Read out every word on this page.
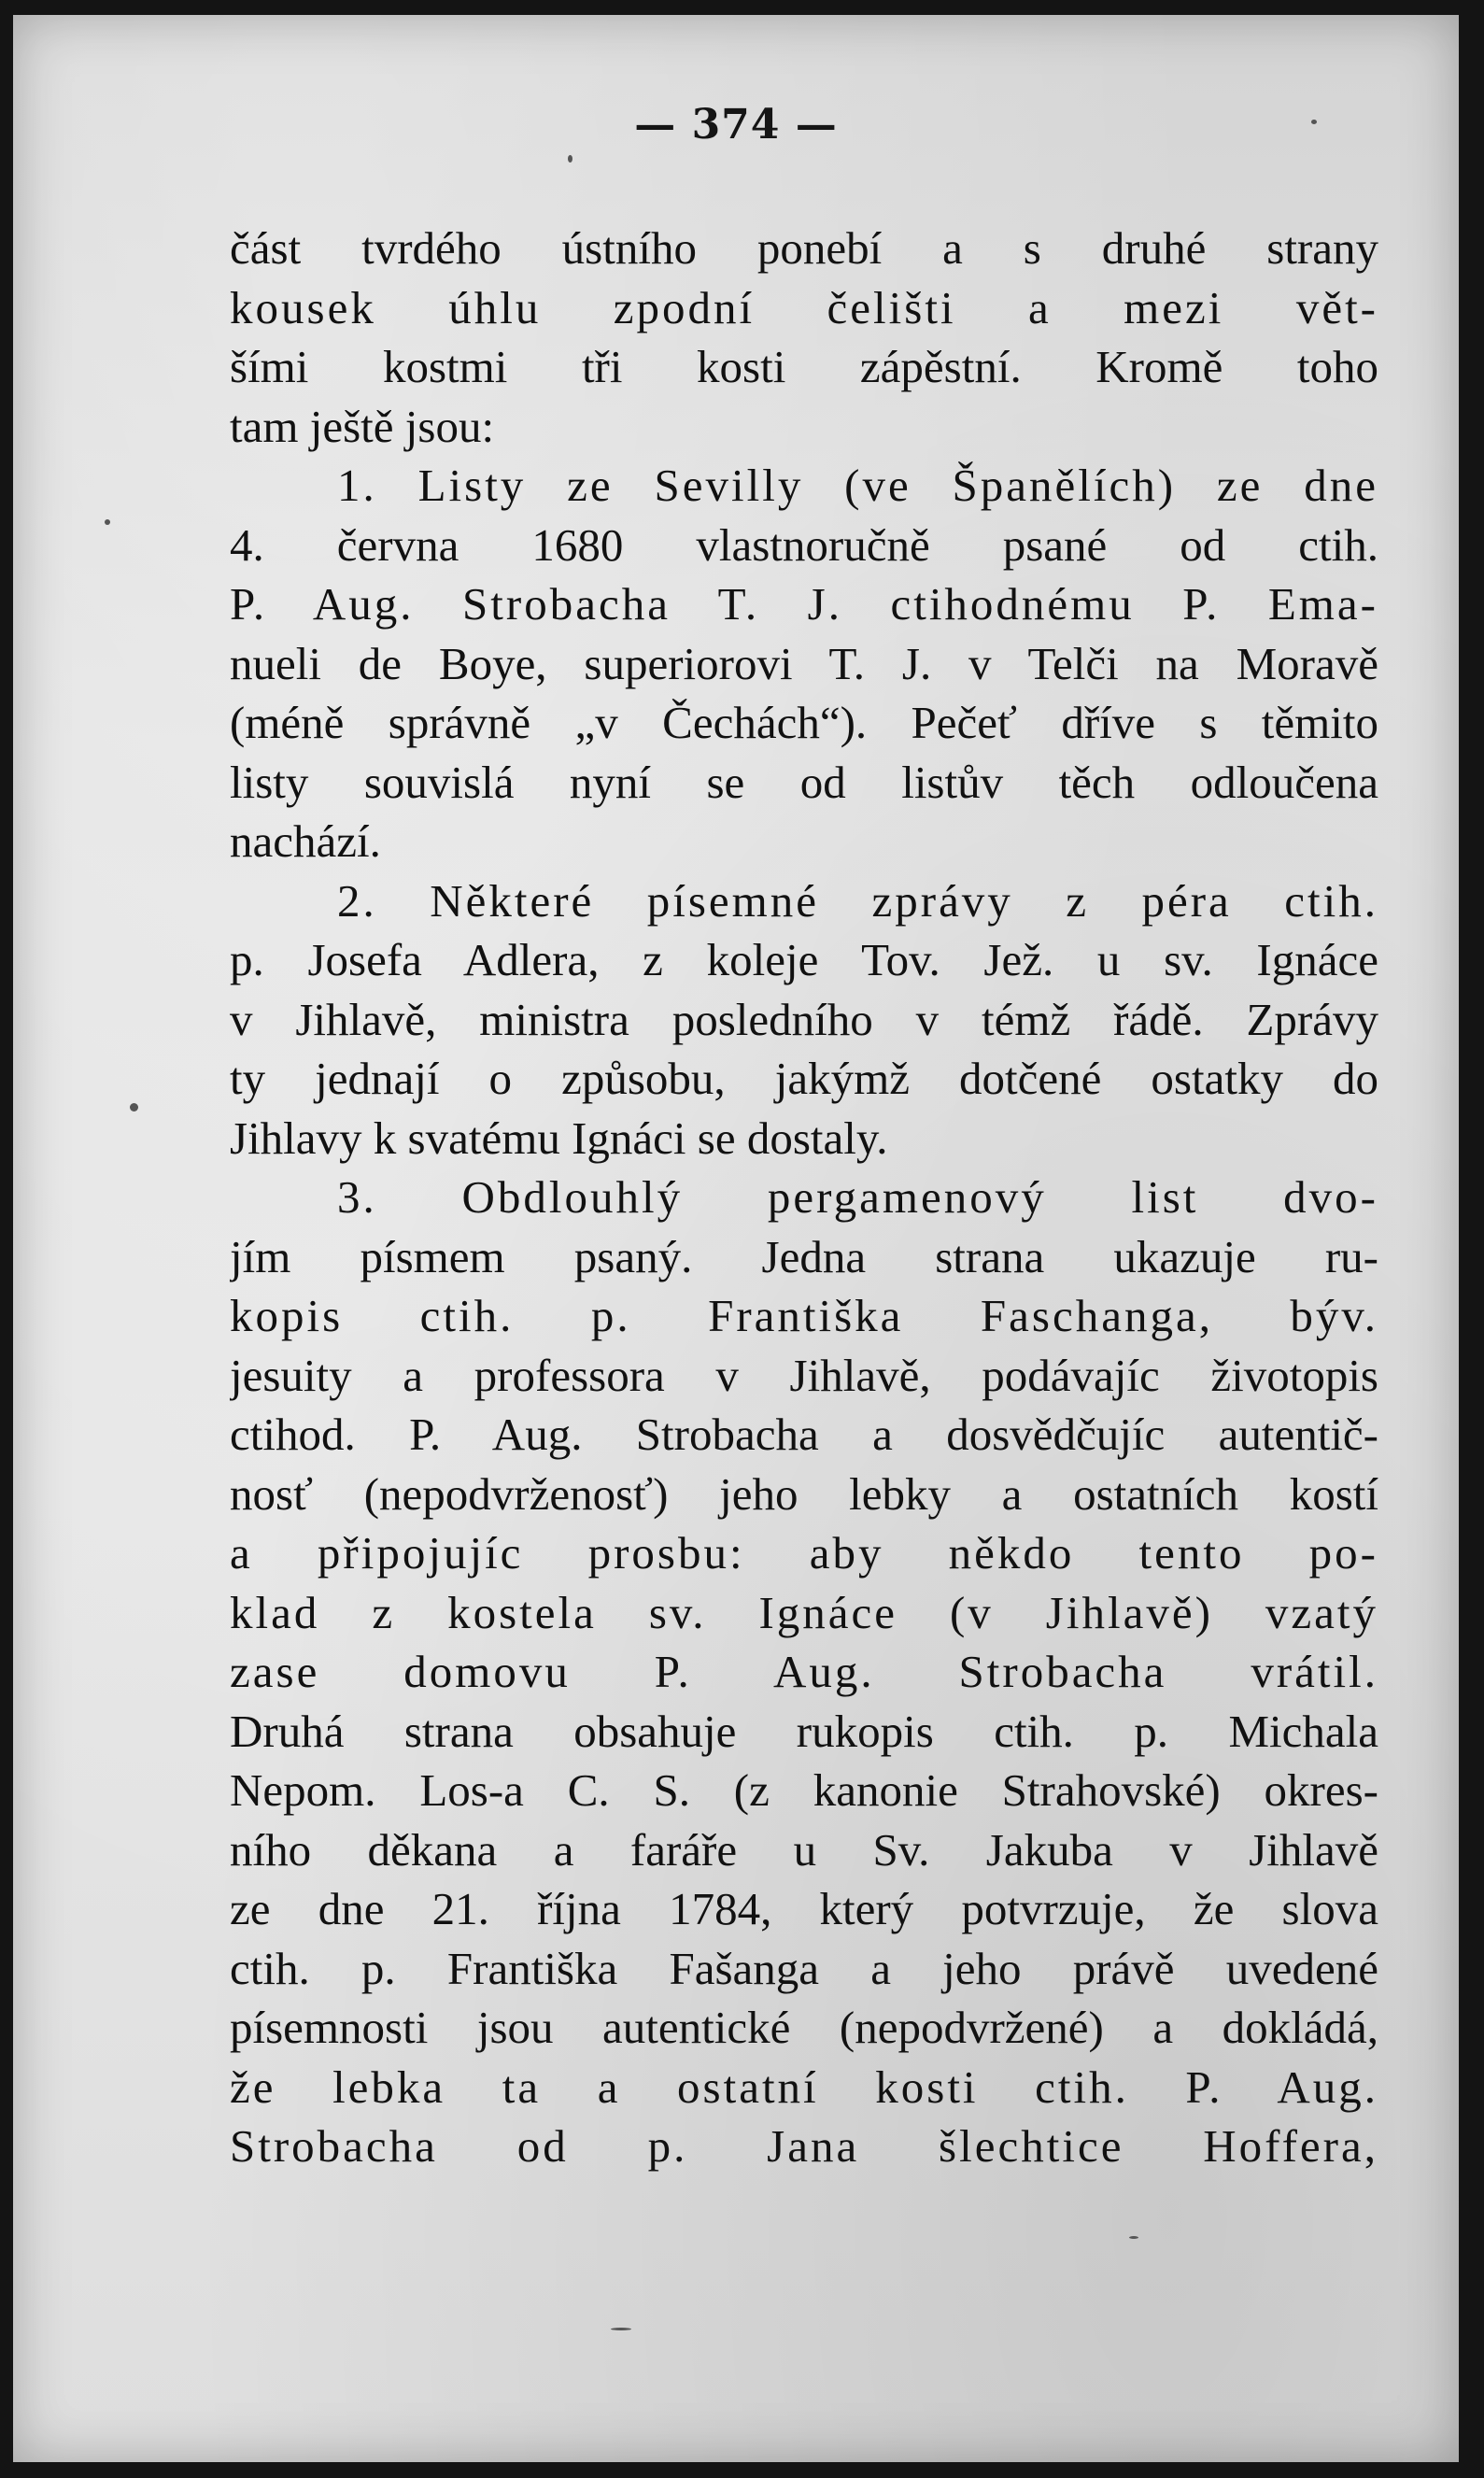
— 374 —
část tvrdého ústního ponebí a s druhé strany
kousek úhlu zpodní čelišti a mezi vět-
šími kostmi tři kosti zápěstní. Kromě toho
tam ještě jsou:
1. Listy ze Sevilly (ve Španělích) ze dne
4. června 1680 vlastnoručně psané od ctih.
P. Aug. Strobacha T. J. ctihodnému P. Ema-
nueli de Boye, superiorovi T. J. v Telči na Moravě
(méně správně „v Čechách“). Pečeť dříve s těmito
listy souvislá nyní se od listův těch odloučena
nachází.
2. Některé písemné zprávy z péra ctih.
p. Josefa Adlera, z koleje Tov. Jež. u sv. Ignáce
v Jihlavě, ministra posledního v témž řádě. Zprávy
ty jednají o způsobu, jakýmž dotčené ostatky do
Jihlavy k svatému Ignáci se dostaly.
3. Obdlouhlý pergamenový list dvo-
jím písmem psaný. Jedna strana ukazuje ru-
kopis ctih. p. Františka Faschanga, býv.
jesuity a professora v Jihlavě, podávajíc životopis
ctihod. P. Aug. Strobacha a dosvědčujíc autentič-
nosť (nepodvrženosť) jeho lebky a ostatních kostí
a připojujíc prosbu: aby někdo tento po-
klad z kostela sv. Ignáce (v Jihlavě) vzatý
zase domovu P. Aug. Strobacha vrátil.
Druhá strana obsahuje rukopis ctih. p. Michala
Nepom. Los-a C. S. (z kanonie Strahovské) okres-
ního děkana a faráře u Sv. Jakuba v Jihlavě
ze dne 21. října 1784, který potvrzuje, že slova
ctih. p. Františka Fašanga a jeho právě uvedené
písemnosti jsou autentické (nepodvržené) a dokládá,
že lebka ta a ostatní kosti ctih. P. Aug.
Strobacha od p. Jana šlechtice Hoffera,
